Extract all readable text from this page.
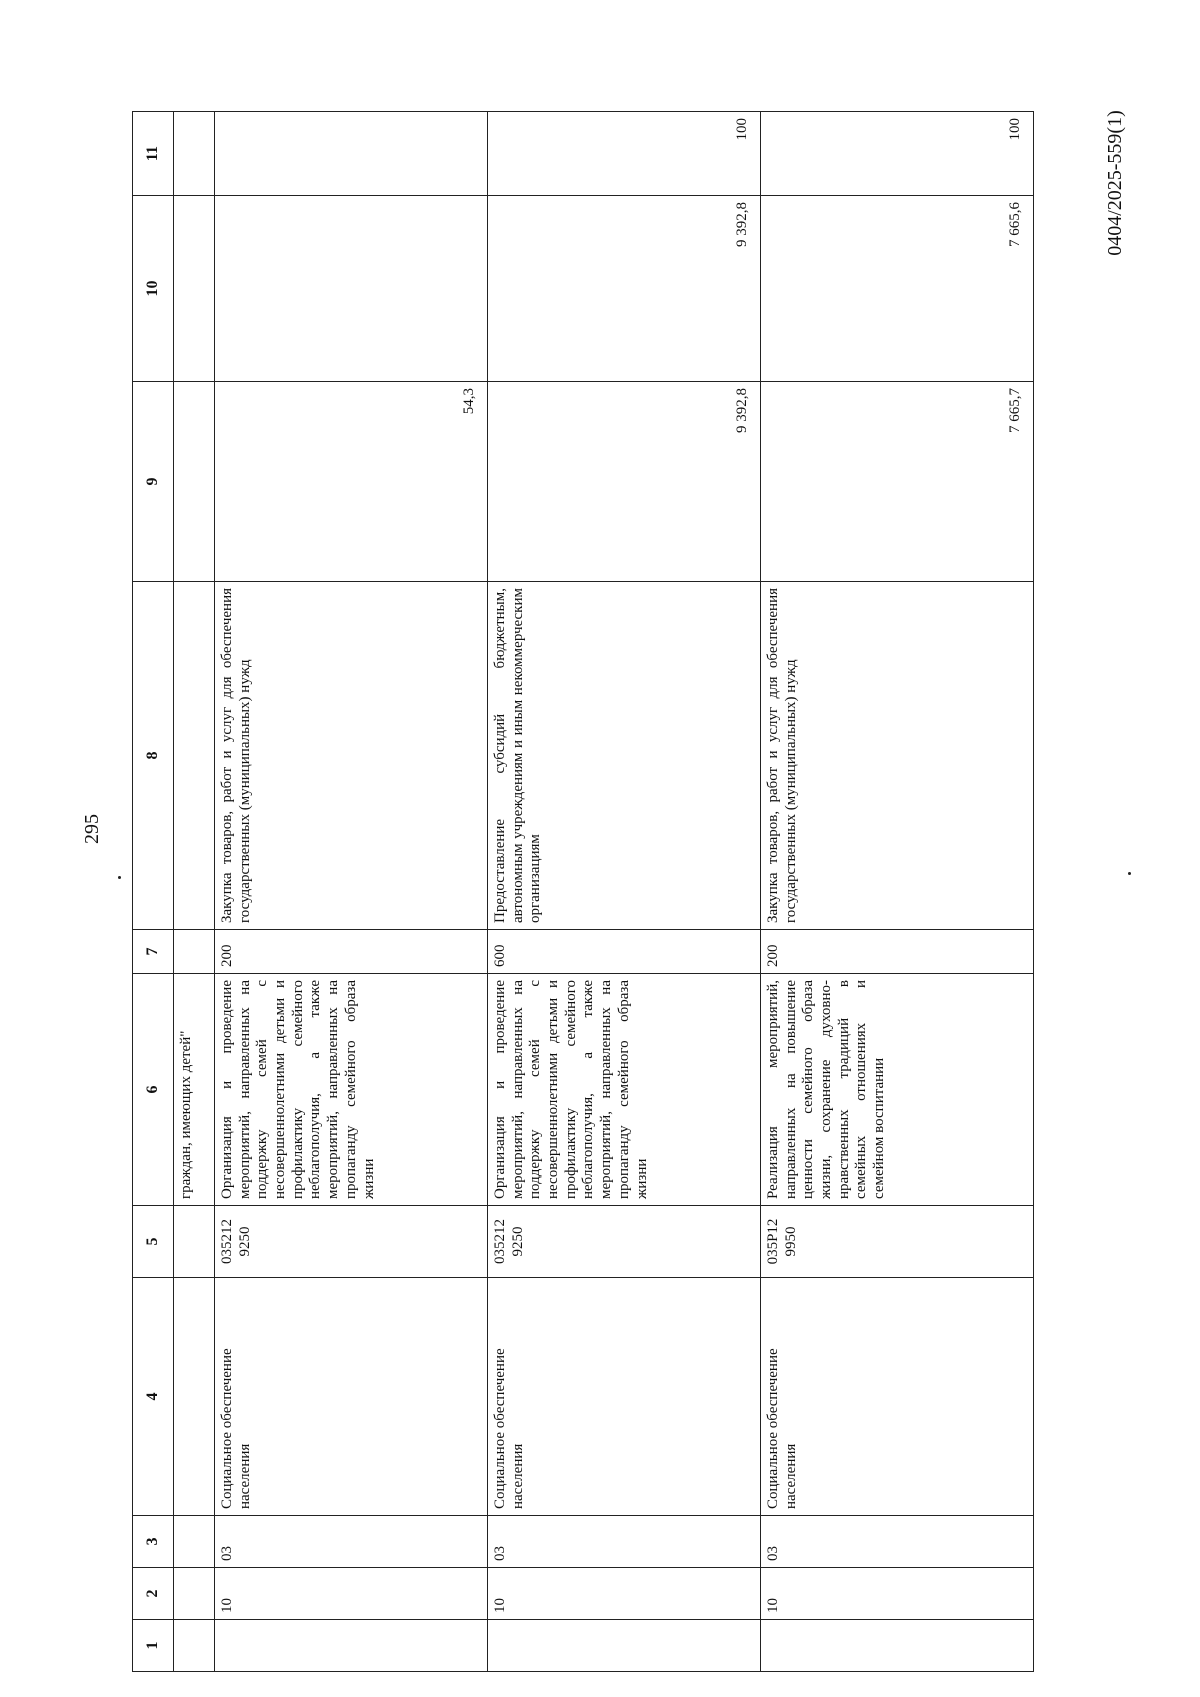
295
1	2	3	4	5	6	7	8	9	10	11
					граждан, имеющих детей"					
	10	03	Социальное обеспечение населения	035212 9250	Организация и проведение мероприятий, направленных на поддержку семей с несовершеннолетними детьми и профилактику семейного неблагополучия, а также мероприятий, направленных на пропаганду семейного образа жизни	200	Закупка товаров, работ и услуг для обеспечения государственных (муниципальных) нужд	54,3		
	10	03	Социальное обеспечение населения	035212 9250	Организация и проведение мероприятий, направленных на поддержку семей с несовершеннолетними детьми и профилактику семейного неблагополучия, а также мероприятий, направленных на пропаганду семейного образа жизни	600	Предоставление субсидий бюджетным, автономным учреждениям и иным некоммерческим организациям	9 392,8	9 392,8	100
	10	03	Социальное обеспечение населения	035Р12 9950	Реализация мероприятий, направленных на повышение ценности семейного образа жизни, сохранение духовно-нравственных традиций в семейных отношениях и семейном воспитании	200	Закупка товаров, работ и услуг для обеспечения государственных (муниципальных) нужд	7 665,7	7 665,6	100	0404/2025-559(1)
